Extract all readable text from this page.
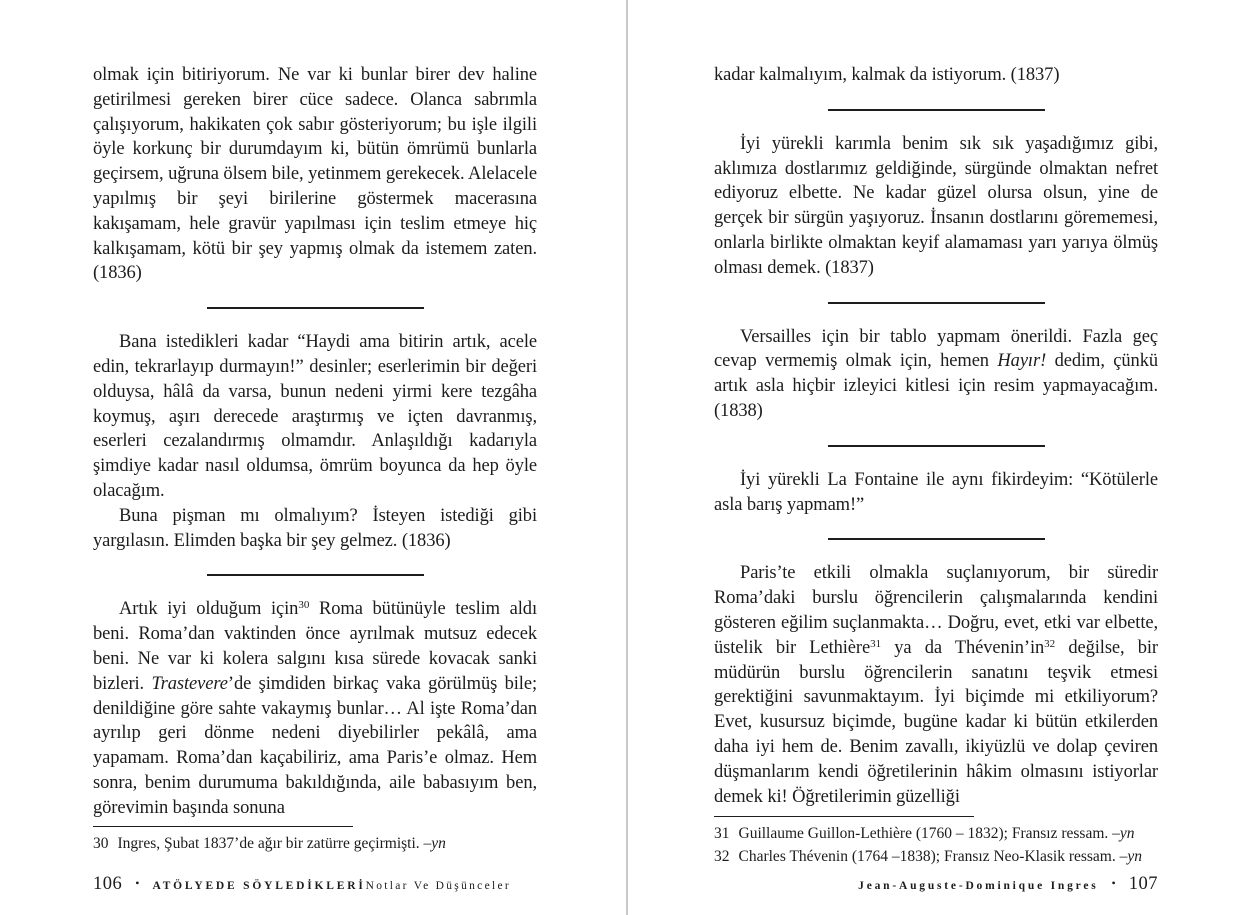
olmak için bitiriyorum. Ne var ki bunlar birer dev haline getirilmesi gereken birer cüce sadece. Olanca sabrımla çalışıyorum, hakikaten çok sabır gösteriyorum; bu işle ilgili öyle korkunç bir durumdayım ki, bütün ömrümü bunlarla geçirsem, uğruna ölsem bile, yetinmem gerekecek. Alelacele yapılmış bir şeyi birilerine göstermek macerasına kakışamam, hele gravür yapılması için teslim etmeye hiç kalkışamam, kötü bir şey yapmış olmak da istemem zaten. (1836)

Bana istedikleri kadar “Haydi ama bitirin artık, acele edin, tekrarlayıp durmayın!” desinler; eserlerimin bir değeri olduysa, hâlâ da varsa, bunun nedeni yirmi kere tezgâha koymuş, aşırı derecede araştırmış ve içten davranmış, eserleri cezalandırmış olmamdır. Anlaşıldığı kadarıyla şimdiye kadar nasıl oldumsa, ömrüm boyunca da hep öyle olacağım.

Buna pişman mı olmalıyım? İsteyen istediği gibi yargılasın. Elimden başka bir şey gelmez. (1836)

Artık iyi olduğum için$^{30}$ Roma bütünüyle teslim aldı beni. Roma’dan vaktinden önce ayrılmak mutsuz edecek beni. Ne var ki kolera salgını kısa sürede kovacak sanki bizleri. Trastevere’de şimdiden birkaç vaka görülmüş bile; denildiğine göre sahte vakaymış bunlar… Al işte Roma’dan ayrılıp geri dönme nedeni diyebilirler pekâlâ, ama yapamam. Roma’dan kaçabiliriz, ama Paris’e olmaz. Hem sonra, benim durumuma bakıldığında, aile babasıyım ben, görevimin başında sonuna

30 Ingres, Şubat 1837’de ağır bir zatürre geçirmişti. –yn
106 • ATÖLYEDE SÖYLEDİKLERİNotlar Ve Düşünceler

kadar kalmalıyım, kalmak da istiyorum. (1837)

İyi yürekli karımla benim sık sık yaşadığımız gibi, aklımıza dostlarımız geldiğinde, sürgünde olmaktan nefret ediyoruz elbette. Ne kadar güzel olursa olsun, yine de gerçek bir sürgün yaşıyoruz. İnsanın dostlarını görememesi, onlarla birlikte olmaktan keyif alamaması yarı yarıya ölmüş olması demek. (1837)

Versailles için bir tablo yapmam önerildi. Fazla geç cevap vermemiş olmak için, hemen Hayır! dedim, çünkü artık asla hiçbir izleyici kitlesi için resim yapmayacağım. (1838)

İyi yürekli La Fontaine ile aynı fikirdeyim: “Kötülerle asla barış yapmam!”

Paris’te etkili olmakla suçlanıyorum, bir süredir Roma’daki burslu öğrencilerin çalışmalarında kendini gösteren eğilim suçlanmakta… Doğru, evet, etki var elbette, üstelik bir Lethière$^{31}$ ya da $Thévenin’in^{32}$ değilse, bir müdürün burslu öğrencilerin sanatını teşvik etmesi gerektiğini savunmaktayım. İyi biçimde mi etkiliyorum? Evet, kusursuz biçimde, bugüne kadar ki bütün etkilerden daha iyi hem de. Benim zavallı, ikiyüzlü ve dolap çeviren düşmanlarım kendi öğretilerinin hâkim olmasını istiyorlar demek ki! Öğretilerimin güzelliği

31 Guillaume Guillon-Lethière (1760 – 1832); Fransız ressam. –yn
32 Charles Thévenin (1764 –1838); Fransız Neo-Klasik ressam. –yn
Jean-Auguste-Dominique Ingres • 107
